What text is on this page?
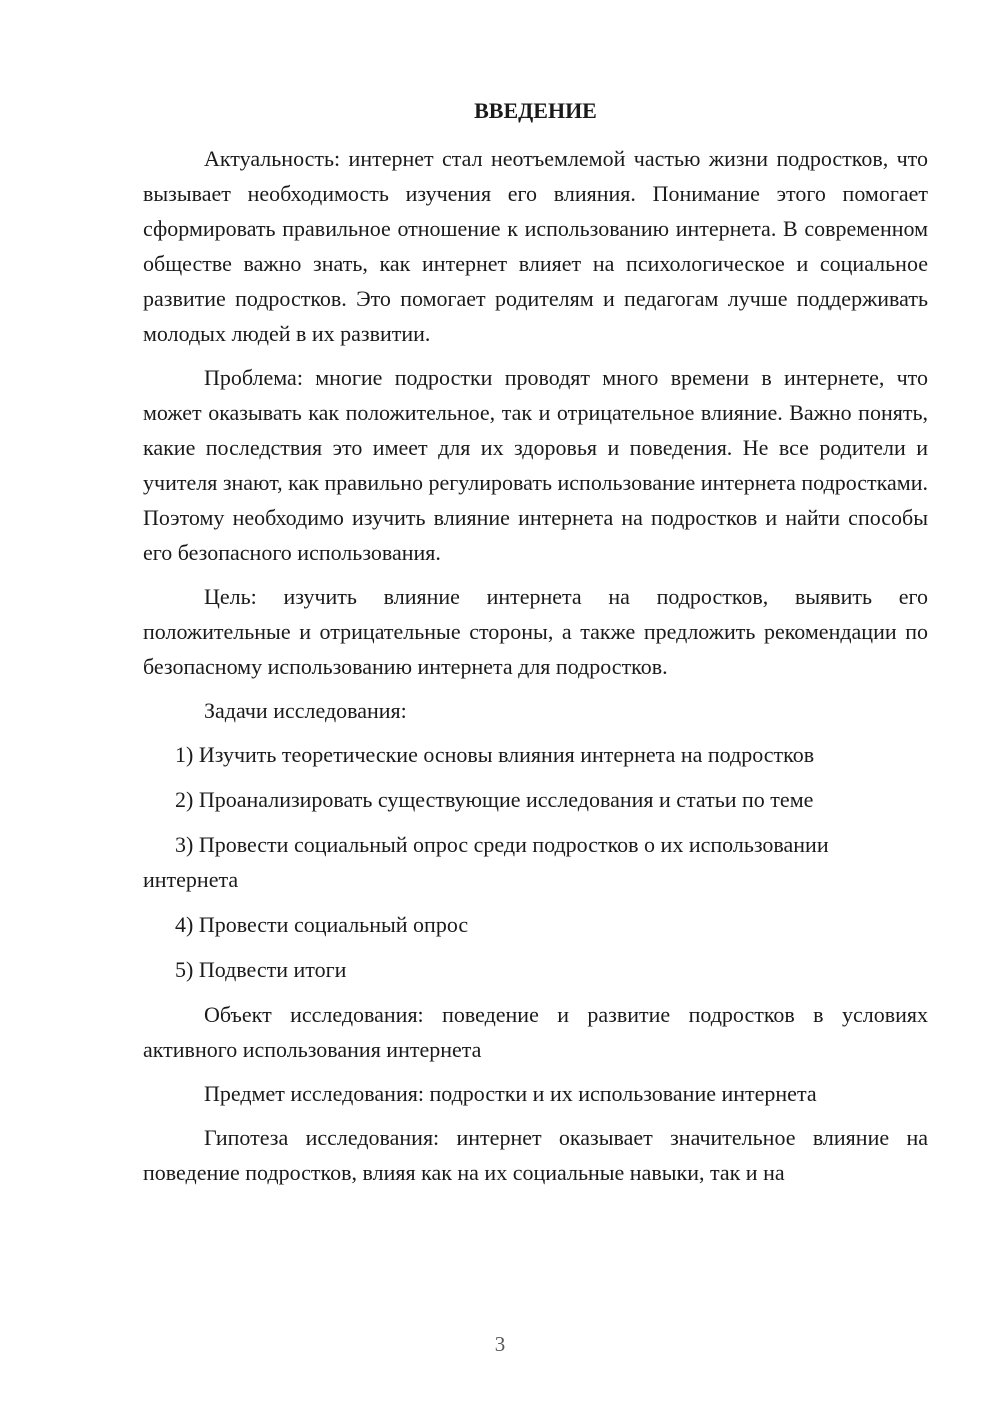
ВВЕДЕНИЕ

Актуальность: интернет стал неотъемлемой частью жизни подростков, что вызывает необходимость изучения его влияния. Понимание этого помогает сформировать правильное отношение к использованию интернета. В современном обществе важно знать, как интернет влияет на психологическое и социальное развитие подростков. Это помогает родителям и педагогам лучше поддерживать молодых людей в их развитии.

Проблема: многие подростки проводят много времени в интернете, что может оказывать как положительное, так и отрицательное влияние. Важно понять, какие последствия это имеет для их здоровья и поведения. Не все родители и учителя знают, как правильно регулировать использование интернета подростками. Поэтому необходимо изучить влияние интернета на подростков и найти способы его безопасного использования.

Цель: изучить влияние интернета на подростков, выявить его положительные и отрицательные стороны, а также предложить рекомендации по безопасному использованию интернета для подростков.

Задачи исследования:

1) Изучить теоретические основы влияния интернета на подростков

2) Проанализировать существующие исследования и статьи по теме

3) Провести социальный опрос среди подростков о их использовании интернета

4) Провести социальный опрос

5) Подвести итоги

Объект исследования: поведение и развитие подростков в условиях активного использования интернета

Предмет исследования: подростки и их использование интернета

Гипотеза исследования: интернет оказывает значительное влияние на поведение подростков, влияя как на их социальные навыки, так и на

3
